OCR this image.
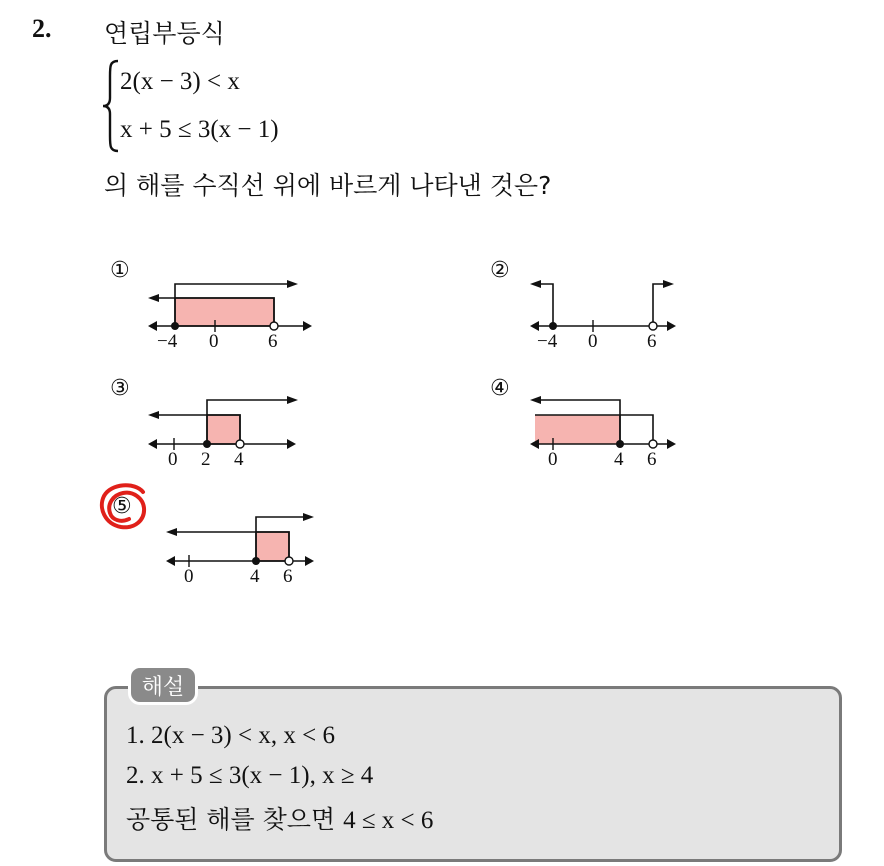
2. 연립부등식
2(x − 3) < x
x + 5 ≤ 3(x − 1)
의 해를 수직선 위에 바르게 나타낸 것은?
①
−4 0	6
②
−4 0	6
③
0 2 4
④
0	4 6
⑤
0	4 6
해설
1. 2(x − 3) < x, x < 6
2. x + 5 ≤ 3(x − 1), x ≥ 4
공통된 해를 찾으면 4 ≤ x < 6
